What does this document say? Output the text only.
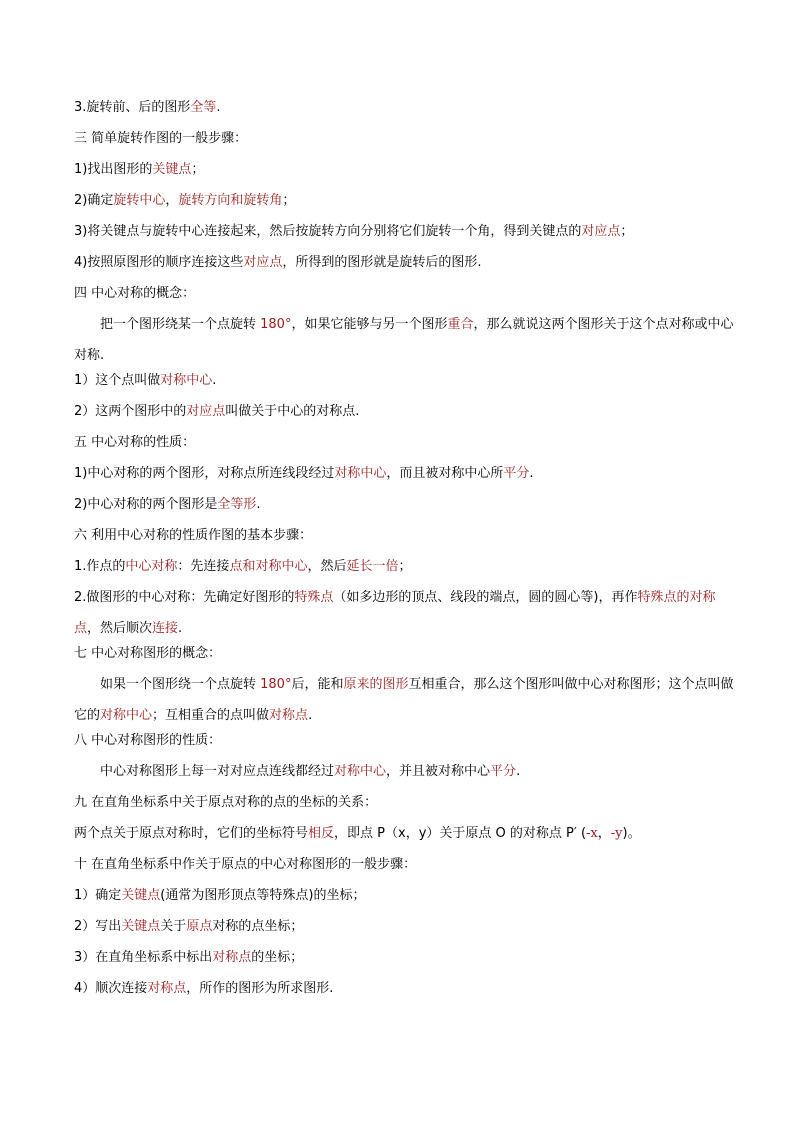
3.旋转前、后的图形全等.
三 简单旋转作图的一般步骤：
1)找出图形的关键点；
2)确定旋转中心，旋转方向和旋转角；
3)将关键点与旋转中心连接起来，然后按旋转方向分别将它们旋转一个角，得到关键点的对应点；
4)按照原图形的顺序连接这些对应点，所得到的图形就是旋转后的图形.
四 中心对称的概念：
把一个图形绕某一个点旋转 180°，如果它能够与另一个图形重合，那么就说这两个图形关于这个点对称或中心对称.
1）这个点叫做对称中心.
2）这两个图形中的对应点叫做关于中心的对称点.
五 中心对称的性质：
1)中心对称的两个图形，对称点所连线段经过对称中心，而且被对称中心所平分.
2)中心对称的两个图形是全等形.
六 利用中心对称的性质作图的基本步骤：
1.作点的中心对称：先连接点和对称中心，然后延长一倍；
2.做图形的中心对称：先确定好图形的特殊点（如多边形的顶点、线段的端点，圆的圆心等)，再作特殊点的对称点，然后顺次连接.
七 中心对称图形的概念：
如果一个图形绕一个点旋转 180°后，能和原来的图形互相重合，那么这个图形叫做中心对称图形；这个点叫做它的对称中心；互相重合的点叫做对称点.
八 中心对称图形的性质：
中心对称图形上每一对对应点连线都经过对称中心，并且被对称中心平分.
九 在直角坐标系中关于原点对称的点的坐标的关系：
两个点关于原点对称时，它们的坐标符号相反，即点 P（x，y）关于原点 O 的对称点 P′ (-x，-y)。
十 在直角坐标系中作关于原点的中心对称图形的一般步骤：
1）确定关键点(通常为图形顶点等特殊点)的坐标；
2）写出关键点关于原点对称的点坐标；
3）在直角坐标系中标出对称点的坐标；
4）顺次连接对称点，所作的图形为所求图形.
